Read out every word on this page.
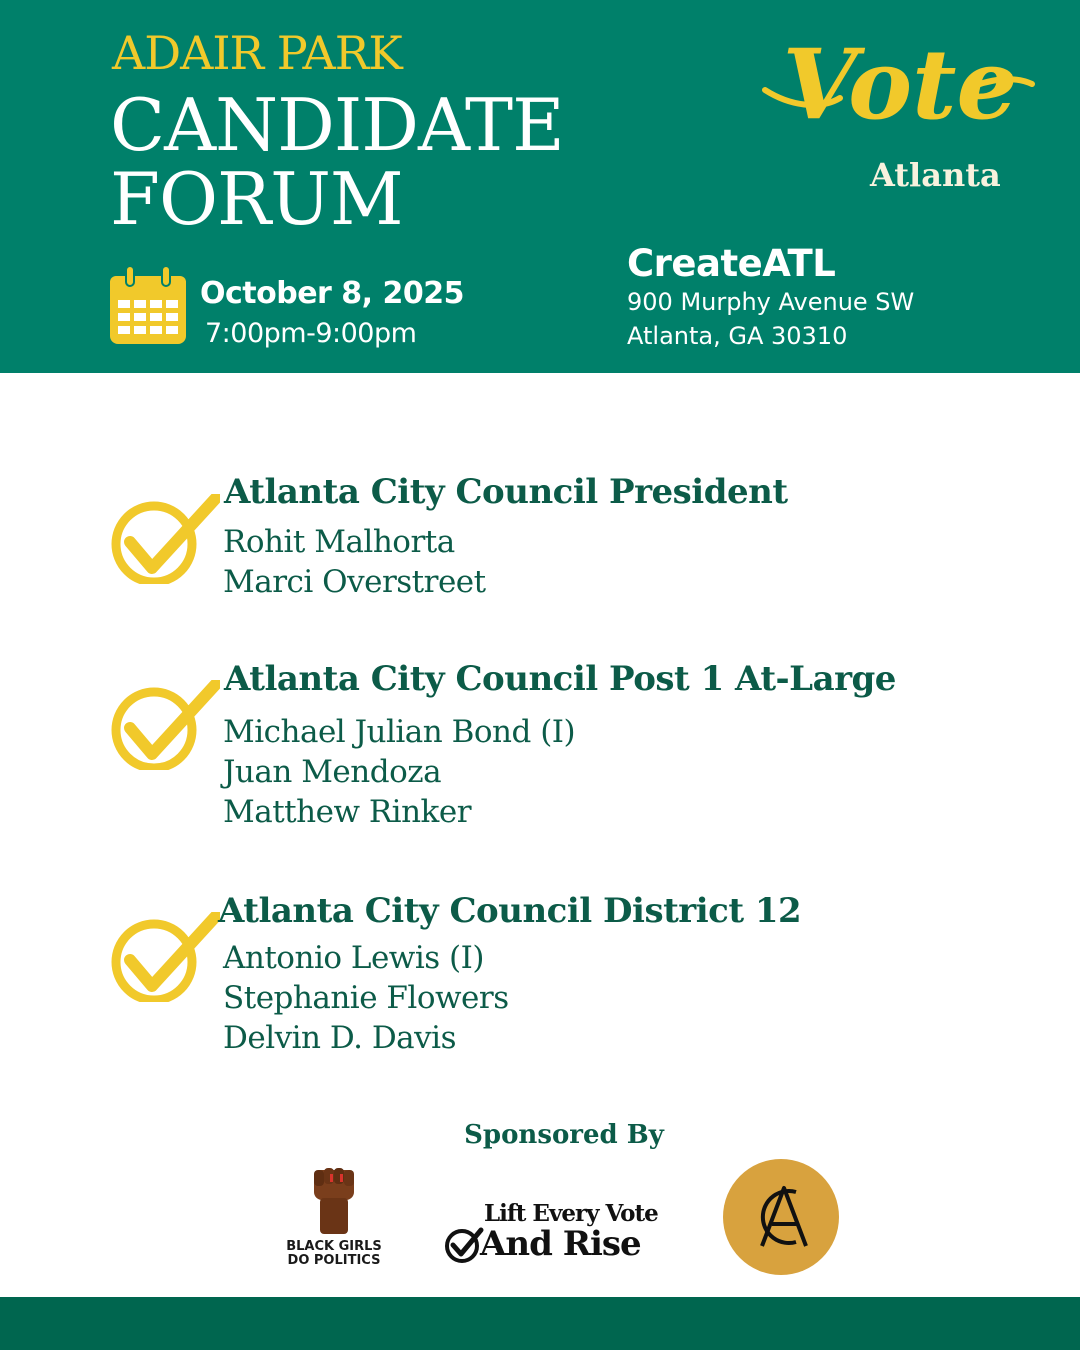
ADAIR PARK
CANDIDATE
FORUM
Vote
Atlanta
October 8, 2025
7:00pm-9:00pm
CreateATL
900 Murphy Avenue SW
Atlanta, GA 30310
Atlanta City Council President
Rohit Malhorta
Marci Overstreet
Atlanta City Council Post 1 At-Large
Michael Julian Bond (I)
Juan Mendoza
Matthew Rinker
Atlanta City Council District 12
Antonio Lewis (I)
Stephanie Flowers
Delvin D. Davis
Sponsored By
BLACK GIRLS
DO POLITICS
Lift Every Vote
And Rise
CA
